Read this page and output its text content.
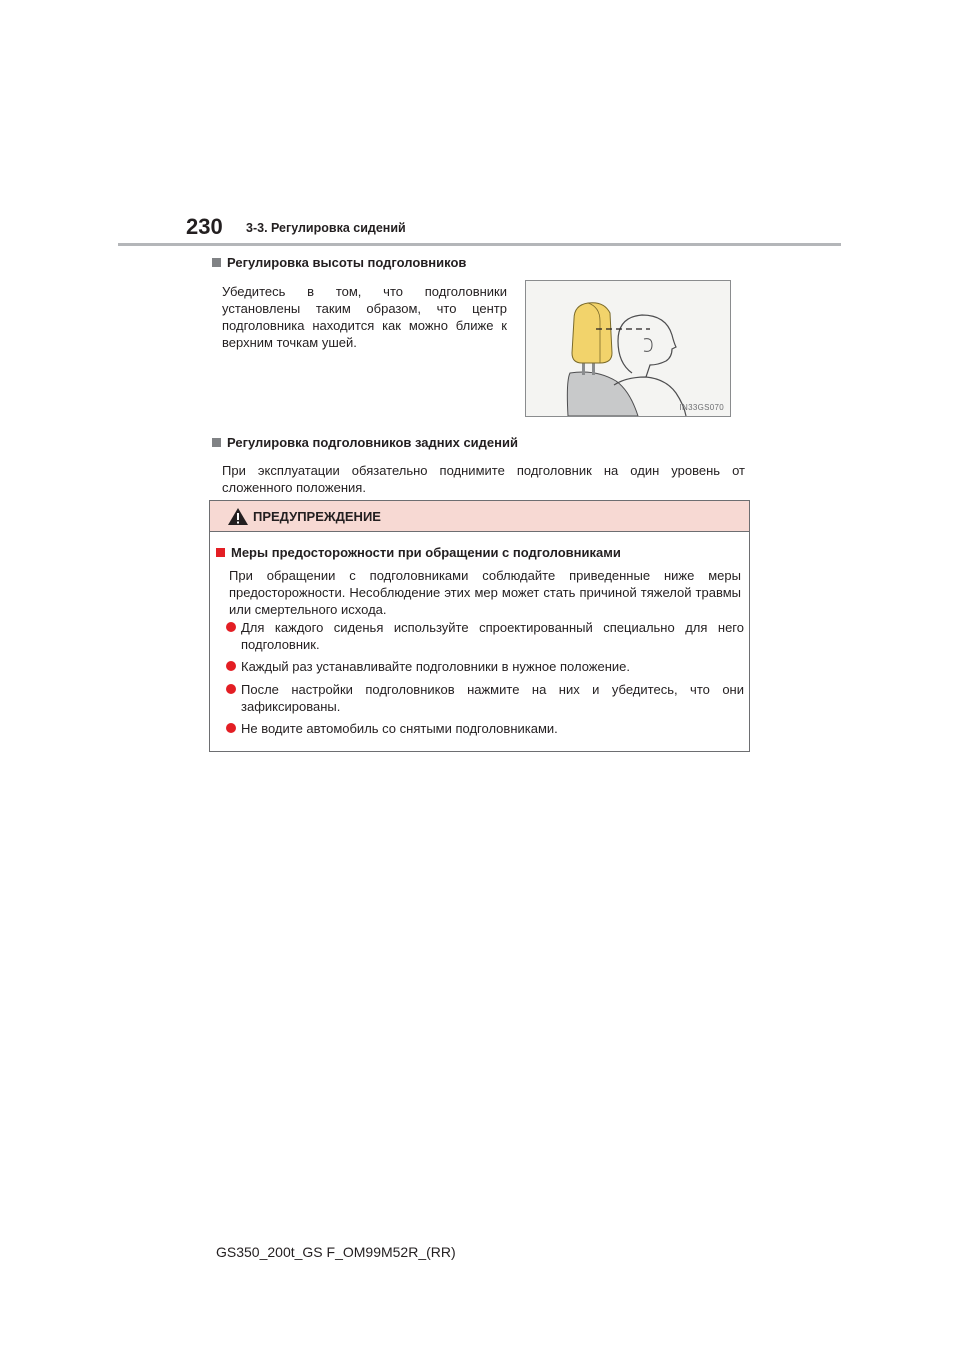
230 3-3. Регулировка сидений
Регулировка высоты подголовников

Убедитесь в том, что подголовники установлены таким образом, что центр подголовника находится как можно ближе к верхним точкам ушей.

IN33GS070
Регулировка подголовников задних сидений

При эксплуатации обязательно поднимите подголовник на один уровень от сложенного положения.

ПРЕДУПРЕЖДЕНИЕ
Меры предосторожности при обращении с подголовниками

При обращении с подголовниками соблюдайте приведенные ниже меры предосторожности. Несоблюдение этих мер может стать причиной тяжелой травмы или смертельного исхода.

Для каждого сиденья используйте спроектированный специально для него подголовник.
Каждый раз устанавливайте подголовники в нужное положение.
После настройки подголовников нажмите на них и убедитесь, что они зафиксированы.
Не водите автомобиль со снятыми подголовниками.
GS350_200t_GS F_OM99M52R_(RR)
